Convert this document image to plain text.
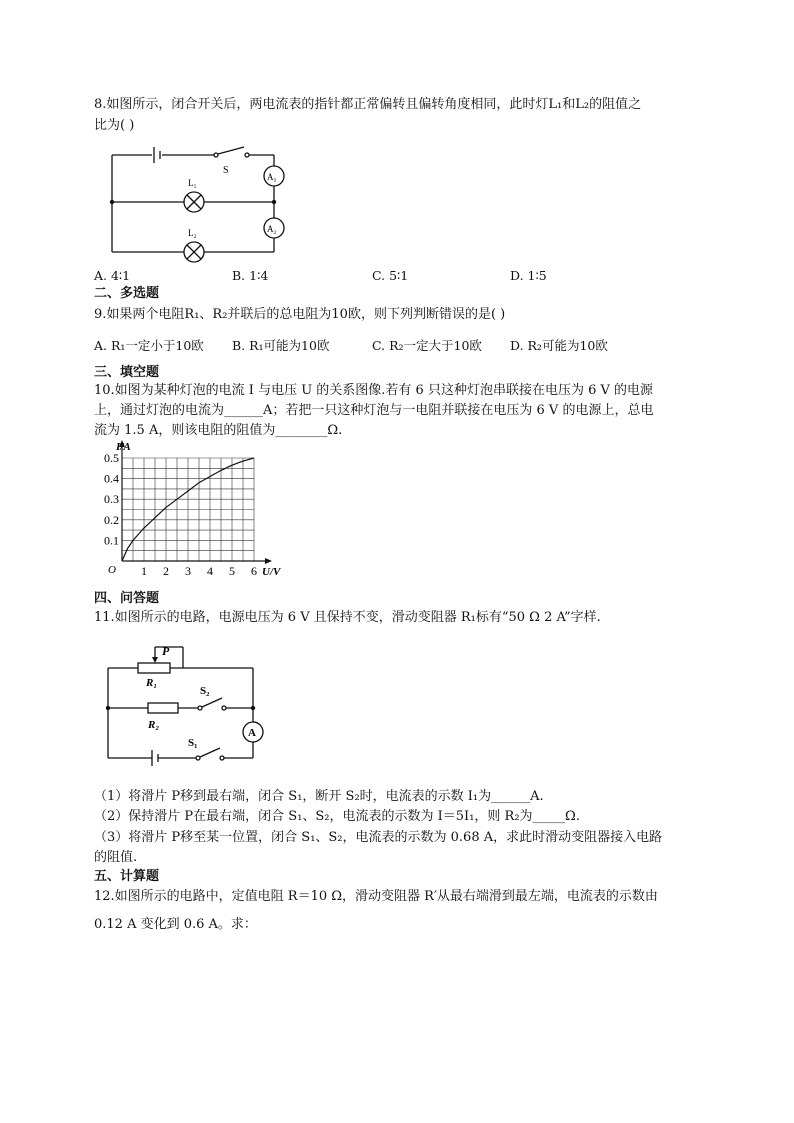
8.如图所示，闭合开关后，两电流表的指针都正常偏转且偏转角度相同，此时灯L₁和L₂的阻值之
比为( )
S
A₁
A₂
L₁
L₂
A. 4∶1	B. 1∶4	C. 5∶1	D. 1∶5
二、多选题
9.如果两个电阻R₁、R₂并联后的总电阻为10欧，则下列判断错误的是( )
A. R₁一定小于10欧 B. R₁可能为10欧	C. R₂一定大于10欧 D. R₂可能为10欧
三、填空题
10.如图为某种灯泡的电流 I 与电压 U 的关系图像.若有 6 只这种灯泡串联接在电压为 6 V 的电源
上，通过灯泡的电流为______A；若把一只这种灯泡与一电阻并联接在电压为 6 V 的电源上，总电
流为 1.5 A，则该电阻的阻值为________Ω.
1 2 3 4 5 6
0.1
0.2
0.3
0.4
0.5
I/A
U/V
O
四、问答题
11.如图所示的电路，电源电压为 6 V 且保持不变，滑动变阻器 R₁标有“50 Ω 2 A”字样.
P
R₁
R₂
S₂
S₁
A
（1）将滑片 P移到最右端，闭合 S₁，断开 S₂时，电流表的示数 I₁为______A.
（2）保持滑片 P在最右端，闭合 S₁、S₂，电流表的示数为 I＝5I₁，则 R₂为_____Ω.
（3）将滑片 P移至某一位置，闭合 S₁、S₂，电流表的示数为 0.68 A，求此时滑动变阻器接入电路
的阻值.
五、计算题
12.如图所示的电路中，定值电阻 R＝10 Ω，滑动变阻器 R′从最右端滑到最左端，电流表的示数由
0.12 A 变化到 0.6 A。求：
